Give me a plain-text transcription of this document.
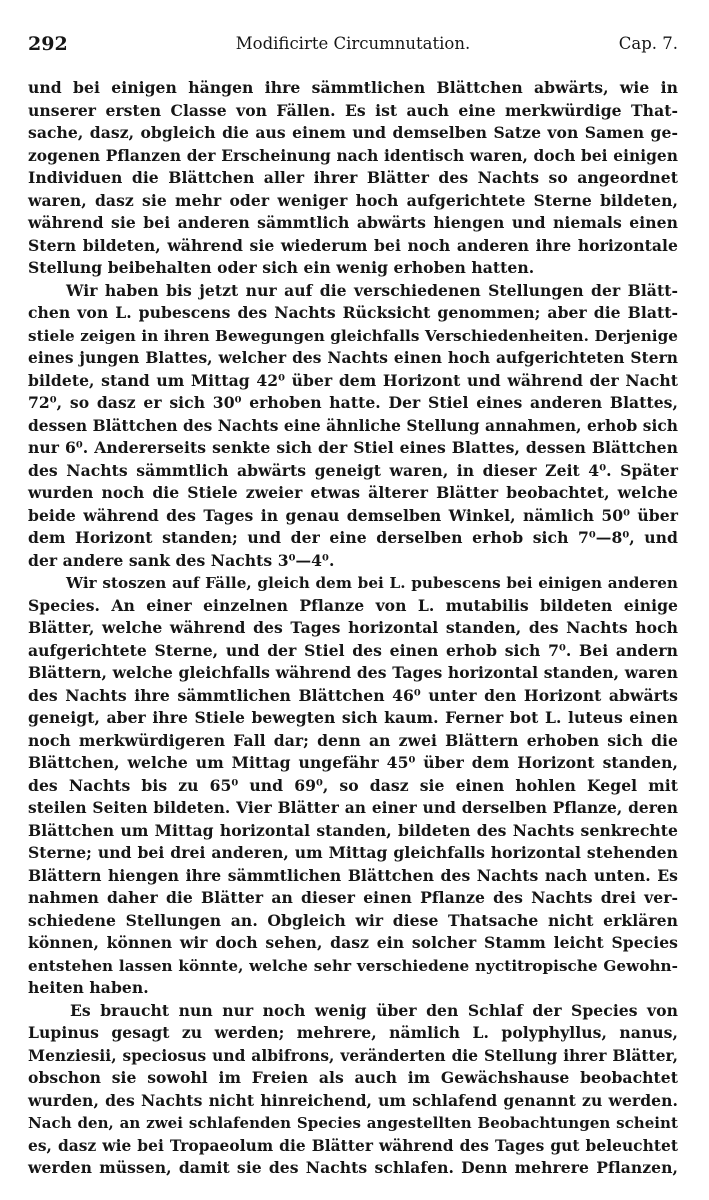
292	Modificirte Circumnutation.	Cap. 7.
und bei einigen hängen ihre sämmtlichen Blättchen abwärts, wie in
unserer ersten Classe von Fällen. Es ist auch eine merkwürdige That-
sache, dasz, obgleich die aus einem und demselben Satze von Samen ge-
zogenen Pflanzen der Erscheinung nach identisch waren, doch bei einigen
Individuen die Blättchen aller ihrer Blätter des Nachts so angeordnet
waren, dasz sie mehr oder weniger hoch aufgerichtete Sterne bildeten,
während sie bei anderen sämmtlich abwärts hiengen und niemals einen
Stern bildeten, während sie wiederum bei noch anderen ihre horizontale
Stellung beibehalten oder sich ein wenig erhoben hatten.
Wir haben bis jetzt nur auf die verschiedenen Stellungen der Blätt-
chen von L. pubescens des Nachts Rücksicht genommen; aber die Blatt-
stiele zeigen in ihren Bewegungen gleichfalls Verschiedenheiten. Derjenige
eines jungen Blattes, welcher des Nachts einen hoch aufgerichteten Stern
bildete, stand um Mittag 42⁰ über dem Horizont und während der Nacht
72⁰, so dasz er sich 30⁰ erhoben hatte. Der Stiel eines anderen Blattes,
dessen Blättchen des Nachts eine ähnliche Stellung annahmen, erhob sich
nur 6⁰. Andererseits senkte sich der Stiel eines Blattes, dessen Blättchen
des Nachts sämmtlich abwärts geneigt waren, in dieser Zeit 4⁰. Später
wurden noch die Stiele zweier etwas älterer Blätter beobachtet, welche
beide während des Tages in genau demselben Winkel, nämlich 50⁰ über
dem Horizont standen; und der eine derselben erhob sich 7⁰—8⁰, und
der andere sank des Nachts 3⁰—4⁰.
Wir stoszen auf Fälle, gleich dem bei L. pubescens bei einigen anderen
Species. An einer einzelnen Pflanze von L. mutabilis bildeten einige
Blätter, welche während des Tages horizontal standen, des Nachts hoch
aufgerichtete Sterne, und der Stiel des einen erhob sich 7⁰. Bei andern
Blättern, welche gleichfalls während des Tages horizontal standen, waren
des Nachts ihre sämmtlichen Blättchen 46⁰ unter den Horizont abwärts
geneigt, aber ihre Stiele bewegten sich kaum. Ferner bot L. luteus einen
noch merkwürdigeren Fall dar; denn an zwei Blättern erhoben sich die
Blättchen, welche um Mittag ungefähr 45⁰ über dem Horizont standen,
des Nachts bis zu 65⁰ und 69⁰, so dasz sie einen hohlen Kegel mit
steilen Seiten bildeten. Vier Blätter an einer und derselben Pflanze, deren
Blättchen um Mittag horizontal standen, bildeten des Nachts senkrechte
Sterne; und bei drei anderen, um Mittag gleichfalls horizontal stehenden
Blättern hiengen ihre sämmtlichen Blättchen des Nachts nach unten. Es
nahmen daher die Blätter an dieser einen Pflanze des Nachts drei ver-
schiedene Stellungen an. Obgleich wir diese Thatsache nicht erklären
können, können wir doch sehen, dasz ein solcher Stamm leicht Species
entstehen lassen könnte, welche sehr verschiedene nyctitropische Gewohn-
heiten haben.
Es braucht nun nur noch wenig über den Schlaf der Species von
Lupinus gesagt zu werden; mehrere, nämlich L. polyphyllus, nanus,
Menziesii, speciosus und albifrons, veränderten die Stellung ihrer Blätter,
obschon sie sowohl im Freien als auch im Gewächshause beobachtet
wurden, des Nachts nicht hinreichend, um schlafend genannt zu werden.
Nach den, an zwei schlafenden Species angestellten Beobachtungen scheint
es, dasz wie bei Tropaeolum die Blätter während des Tages gut beleuchtet
werden müssen, damit sie des Nachts schlafen. Denn mehrere Pflanzen,
